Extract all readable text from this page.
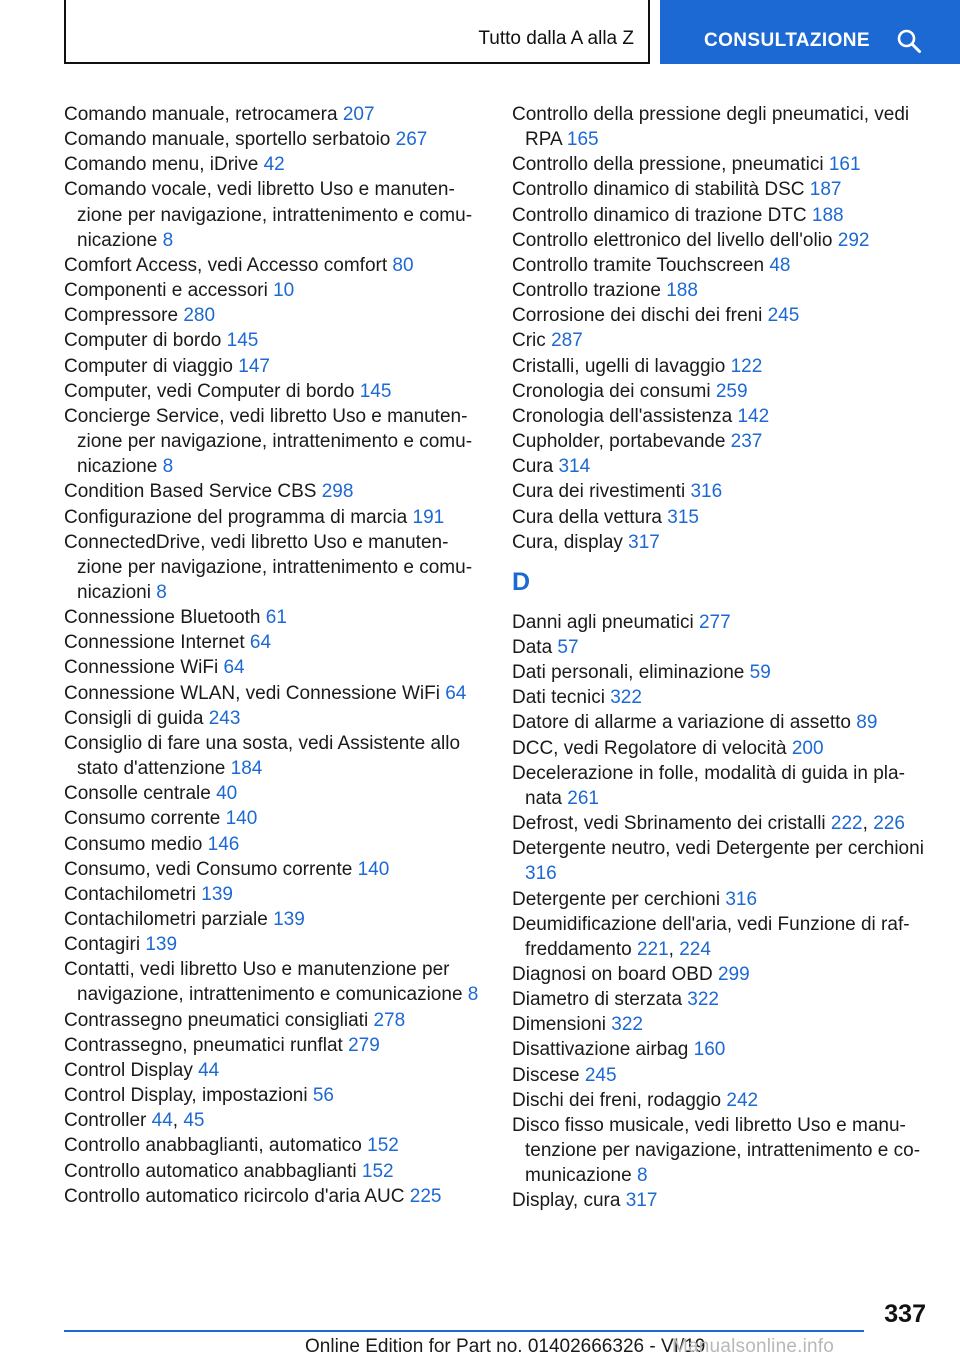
Tutto dalla A alla Z	CONSULTAZIONE
Comando manuale, retrocamera 207
Comando manuale, sportello serbatoio 267
Comando menu, iDrive 42
Comando vocale, vedi libretto Uso e manutenzione per navigazione, intrattenimento e comunicazione 8
Comfort Access, vedi Accesso comfort 80
Componenti e accessori 10
Compressore 280
Computer di bordo 145
Computer di viaggio 147
Computer, vedi Computer di bordo 145
Concierge Service, vedi libretto Uso e manutenzione per navigazione, intrattenimento e comunicazione 8
Condition Based Service CBS 298
Configurazione del programma di marcia 191
ConnectedDrive, vedi libretto Uso e manutenzione per navigazione, intrattenimento e comunicazioni 8
Connessione Bluetooth 61
Connessione Internet 64
Connessione WiFi 64
Connessione WLAN, vedi Connessione WiFi 64
Consigli di guida 243
Consiglio di fare una sosta, vedi Assistente allo stato d'attenzione 184
Consolle centrale 40
Consumo corrente 140
Consumo medio 146
Consumo, vedi Consumo corrente 140
Contachilometri 139
Contachilometri parziale 139
Contagiri 139
Contatti, vedi libretto Uso e manutenzione per navigazione, intrattenimento e comunicazione 8
Contrassegno pneumatici consigliati 278
Contrassegno, pneumatici runflat 279
Control Display 44
Control Display, impostazioni 56
Controller 44, 45
Controllo anabbaglianti, automatico 152
Controllo automatico anabbaglianti 152
Controllo automatico ricircolo d'aria AUC 225
Controllo della pressione degli pneumatici, vedi RPA 165
Controllo della pressione, pneumatici 161
Controllo dinamico di stabilità DSC 187
Controllo dinamico di trazione DTC 188
Controllo elettronico del livello dell'olio 292
Controllo tramite Touchscreen 48
Controllo trazione 188
Corrosione dei dischi dei freni 245
Cric 287
Cristalli, ugelli di lavaggio 122
Cronologia dei consumi 259
Cronologia dell'assistenza 142
Cupholder, portabevande 237
Cura 314
Cura dei rivestimenti 316
Cura della vettura 315
Cura, display 317
D
Danni agli pneumatici 277
Data 57
Dati personali, eliminazione 59
Dati tecnici 322
Datore di allarme a variazione di assetto 89
DCC, vedi Regolatore di velocità 200
Decelerazione in folle, modalità di guida in planata 261
Defrost, vedi Sbrinamento dei cristalli 222, 226
Detergente neutro, vedi Detergente per cerchioni 316
Detergente per cerchioni 316
Deumidificazione dell'aria, vedi Funzione di raffreddamento 221, 224
Diagnosi on board OBD 299
Diametro di sterzata 322
Dimensioni 322
Disattivazione airbag 160
Discese 245
Dischi dei freni, rodaggio 242
Disco fisso musicale, vedi libretto Uso e manutenzione per navigazione, intrattenimento e comunicazione 8
Display, cura 317
337
Online Edition for Part no. 01402666326 - VI/19
Manualsonline.info
